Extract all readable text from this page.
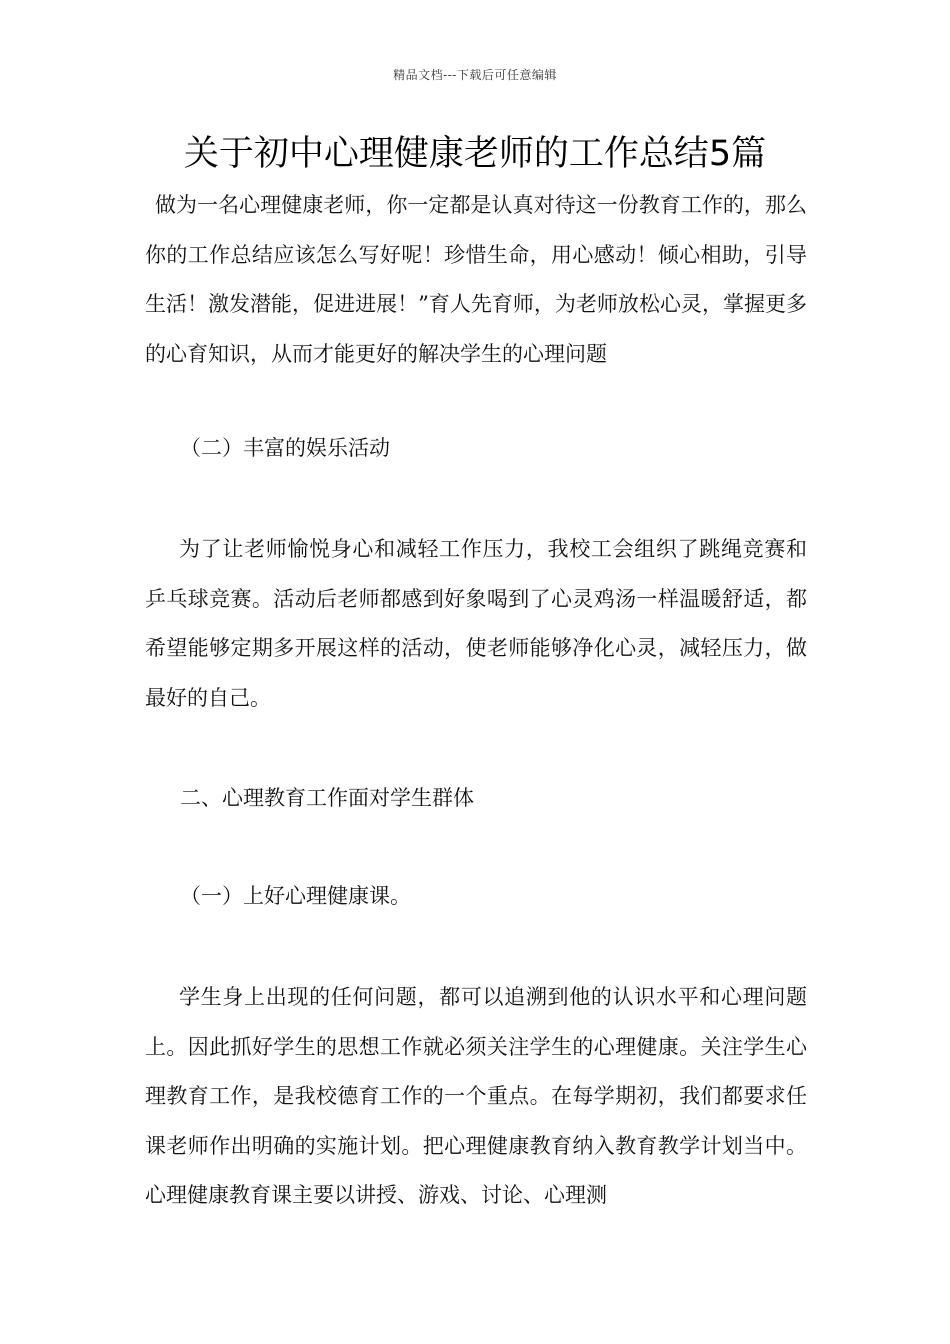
精品文档---下载后可任意编辑
关于初中心理健康老师的工作总结5篇

做为一名心理健康老师，你一定都是认真对待这一份教育工作的，那么你的工作总结应该怎么写好呢！珍惜生命，用心感动！倾心相助，引导生活！激发潜能，促进进展！”育人先育师，为老师放松心灵，掌握更多的心育知识，从而才能更好的解决学生的心理问题

（二）丰富的娱乐活动

为了让老师愉悦身心和减轻工作压力，我校工会组织了跳绳竞赛和乒乓球竞赛。活动后老师都感到好象喝到了心灵鸡汤一样温暖舒适，都希望能够定期多开展这样的活动，使老师能够净化心灵，减轻压力，做最好的自己。

二、心理教育工作面对学生群体

（一）上好心理健康课。

学生身上出现的任何问题，都可以追溯到他的认识水平和心理问题上。因此抓好学生的思想工作就必须关注学生的心理健康。关注学生心理教育工作，是我校德育工作的一个重点。在每学期初，我们都要求任课老师作出明确的实施计划。把心理健康教育纳入教育教学计划当中。心理健康教育课主要以讲授、游戏、讨论、心理测
